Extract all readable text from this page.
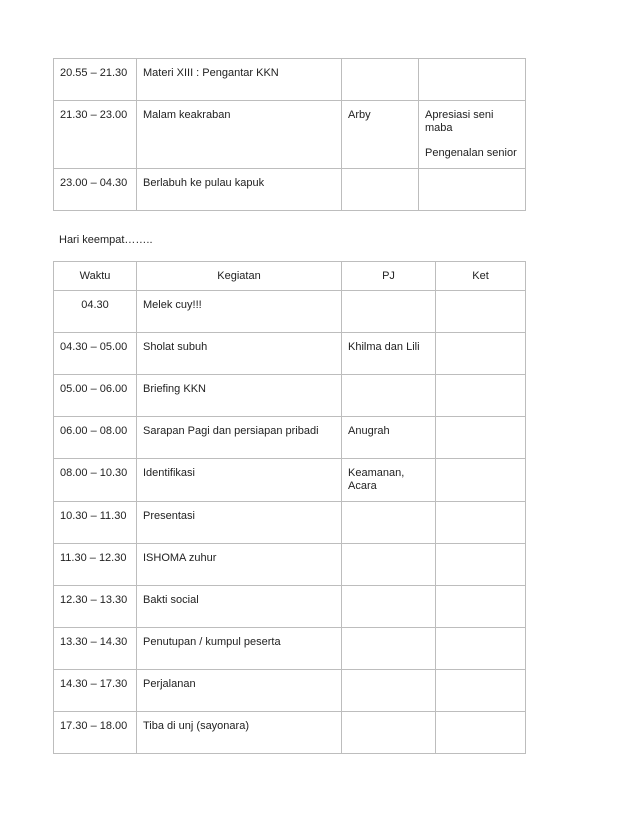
20.55 – 21.30	Materi XIII : Pengantar KKN		
21.30 – 23.00	Malam keakraban	Arby	Apresiasi seni maba
Pengenalan senior

23.00 – 04.30	Berlabuh ke pulau kapuk		
Hari keempat……..
Waktu	Kegiatan	PJ	Ket
04.30	Melek cuy!!!		
04.30 – 05.00	Sholat subuh	Khilma dan Lili	
05.00 – 06.00	Briefing KKN		
06.00 – 08.00	Sarapan Pagi dan persiapan pribadi	Anugrah	
08.00 – 10.30	Identifikasi	Keamanan,
Acara	

10.30 – 11.30	Presentasi		
11.30 – 12.30	ISHOMA zuhur		
12.30 – 13.30	Bakti social		
13.30 – 14.30	Penutupan / kumpul peserta		
14.30 – 17.30	Perjalanan		
17.30 – 18.00	Tiba di unj (sayonara)		
